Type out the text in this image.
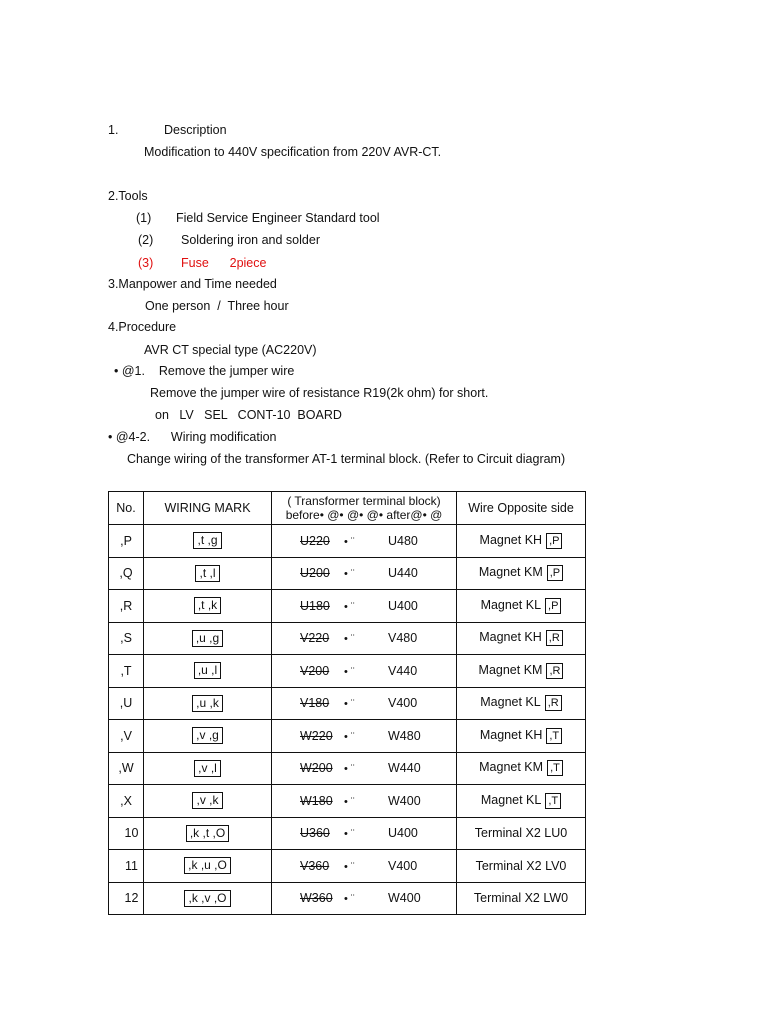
1.	Description
Modification to 440V specification from 220V AVR-CT.
2.Tools
(1) Field Service Engineer Standard tool
(2) Soldering iron and solder
(3) Fuse      2piece
3.Manpower and Time needed
One person  /  Three hour
4.Procedure
AVR CT special type (AC220V)
• @1.    Remove the jumper wire
Remove the jumper wire of resistance R19(2k ohm) for short.
on   LV   SEL   CONT-10  BOARD
• @4-2.      Wiring modification
Change wiring of the transformer AT-1 terminal block. (Refer to Circuit diagram)
No.	WIRING MARK	( Transformer terminal block)
before• @• @• @• after@• @	Wire Opposite side
,P	,t ,g	U220 • ¨ U480	Magnet KH ,P
,Q	,t ,l	U200 • ¨ U440	Magnet KM ,P
,R	,t ,k	U180 • ¨ U400	Magnet KL ,P
,S	,u ,g	V220 • ¨ V480	Magnet KH ,R
,T	,u ,l	V200 • ¨ V440	Magnet KM ,R
,U	,u ,k	V180 • ¨ V400	Magnet KL ,R
,V	,v ,g	W220 • ¨ W480	Magnet KH ,T
,W	,v ,l	W200 • ¨ W440	Magnet KM ,T
,X	,v ,k	W180 • ¨ W400	Magnet KL ,T
10	,k ,t ,O	U360 • ¨ U400	Terminal X2 LU0
11	,k ,u ,O	V360 • ¨ V400	Terminal X2 LV0
12	,k ,v ,O	W360 • ¨ W400	Terminal X2 LW0
